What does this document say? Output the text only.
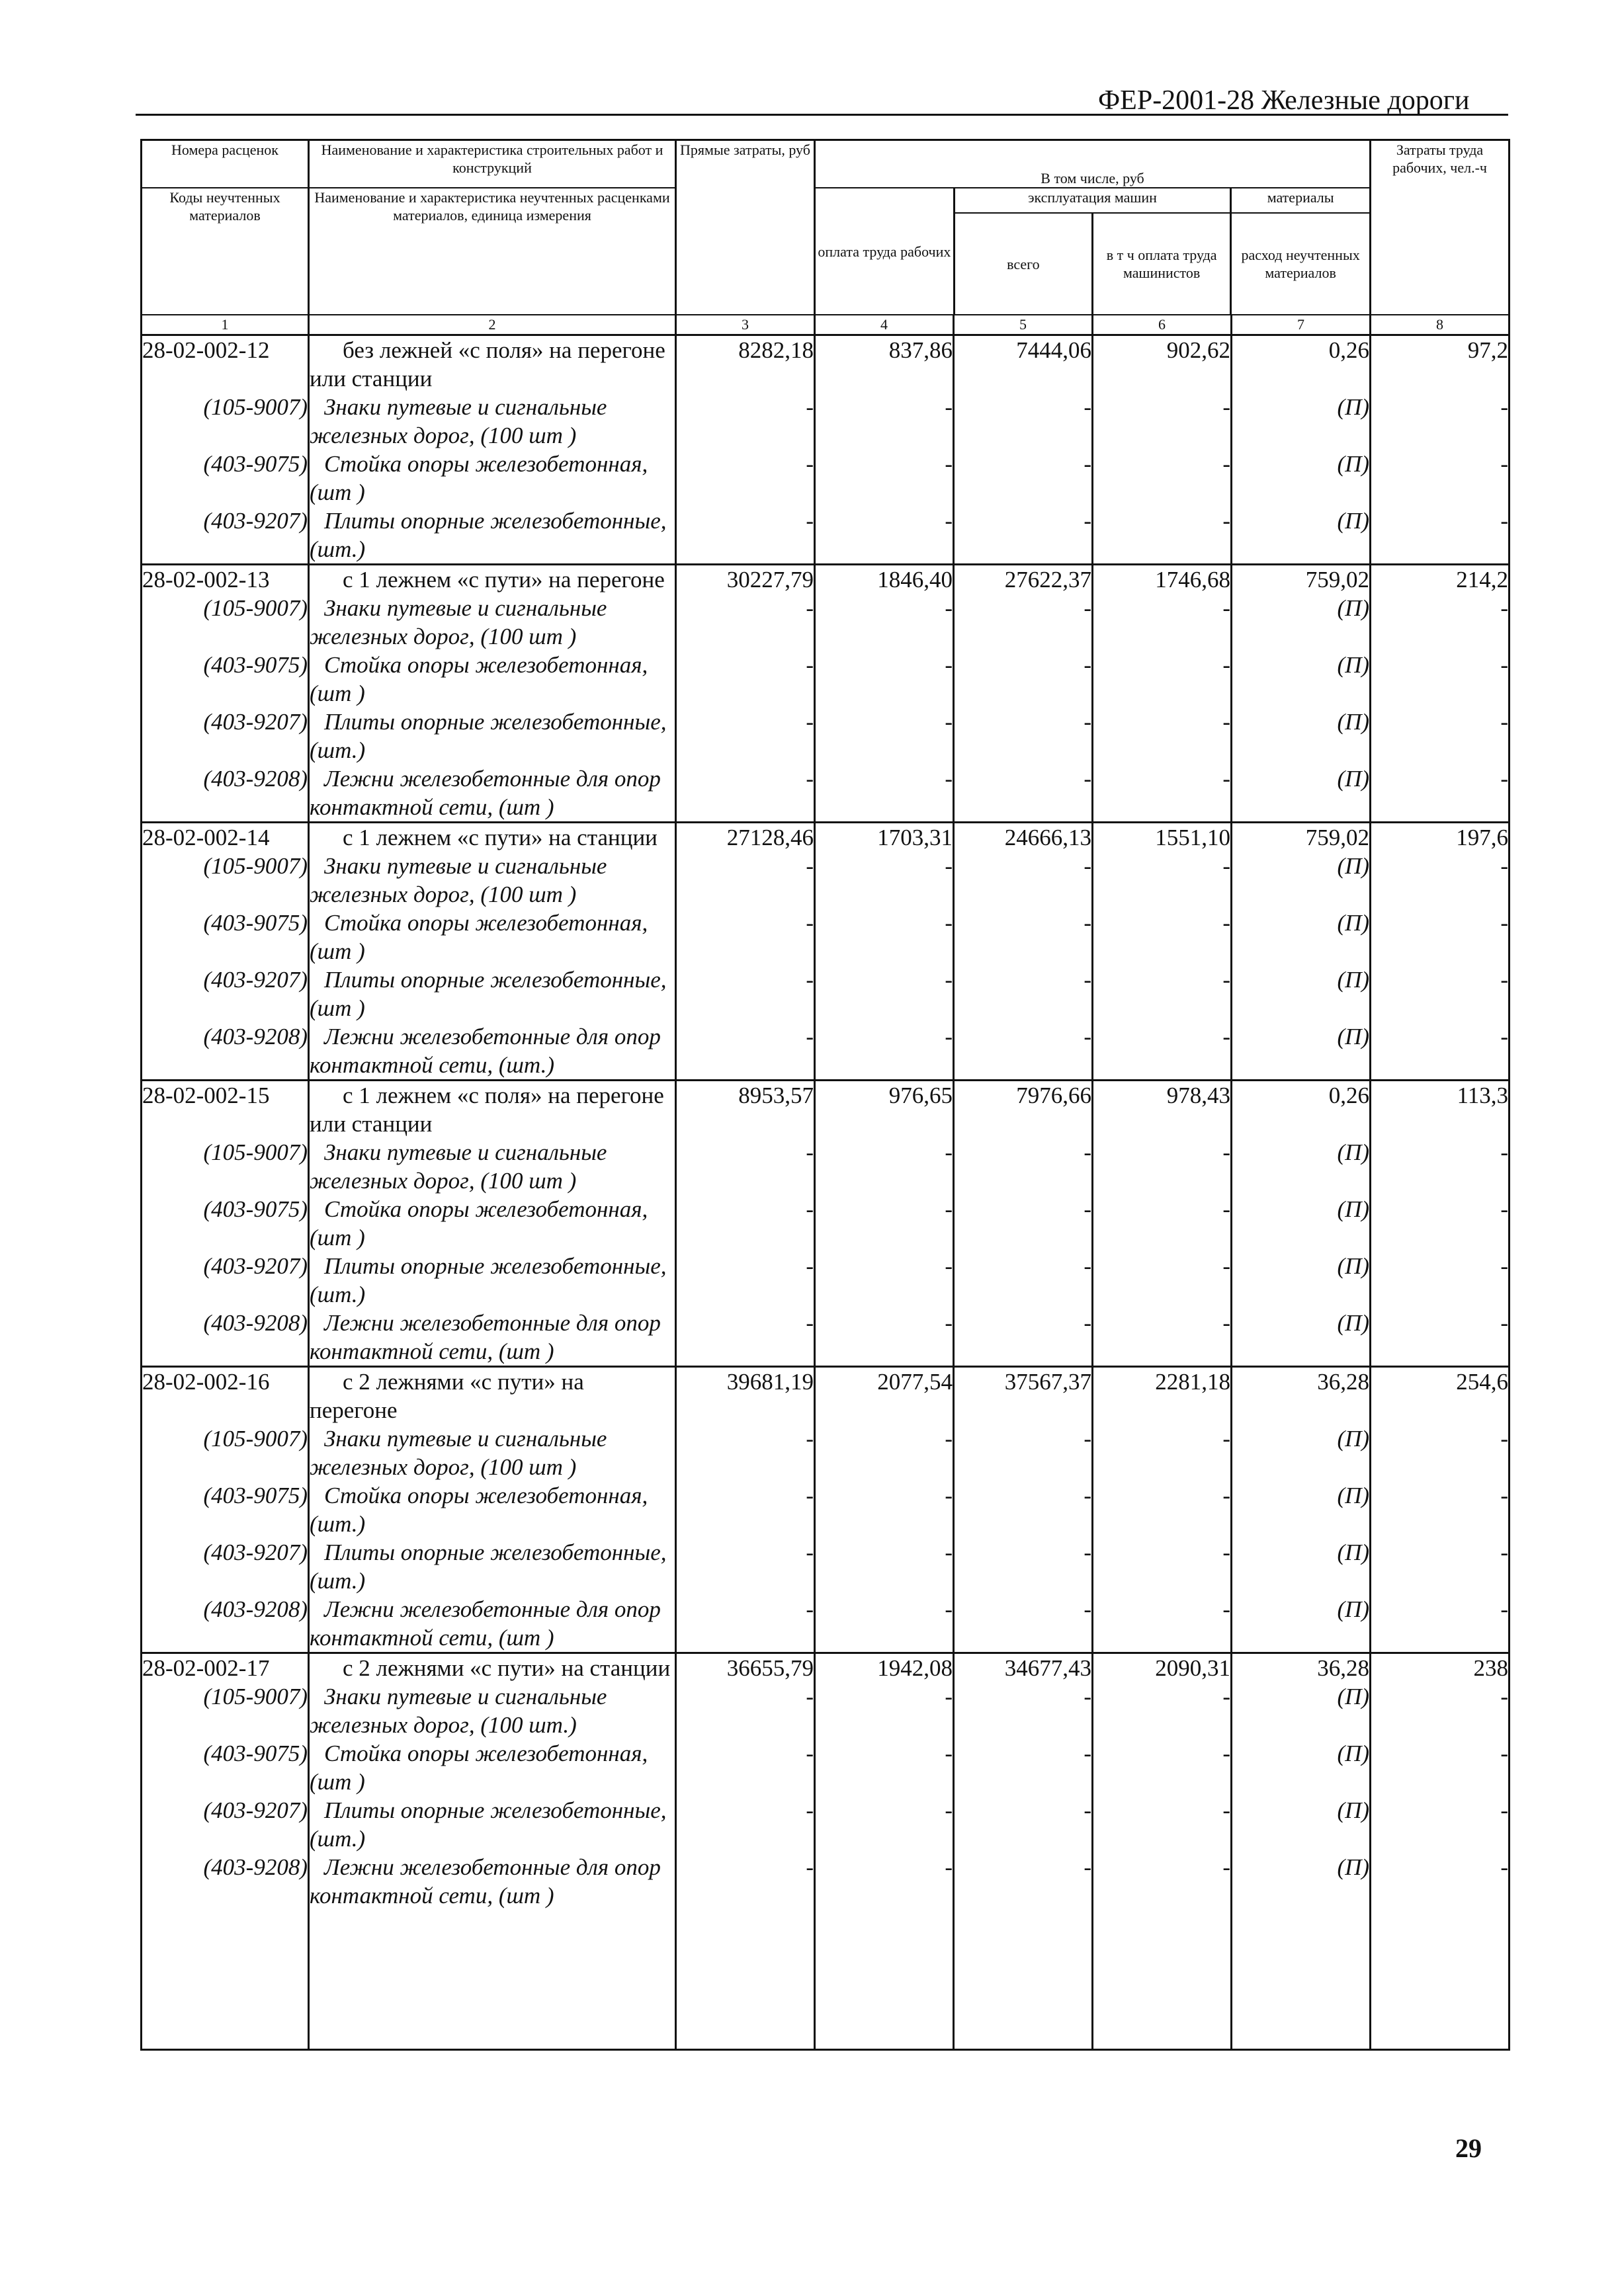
ФЕР-2001-28 Железные дороги
Номера расценок	Наименование и характеристика строительных работ и конструкций	Прямые затраты, руб	В том числе, руб	Затраты труда рабочих, чел.-ч
Коды неучтенных материалов	Наименование и характеристика неучтенных расценками материалов, единица измерения	
оплата труда рабочих	эксплуатация машин	материалы
всего	в т ч оплата труда машинистов	расход неучтенных материалов

1	2	3	4	5	6	7	8
28-02-002-12	без лежней «с поля» на перегоне или станции	8282,18	837,86	7444,06	902,62	0,26	97,2
(105-9007)	Знаки путевые и сигнальные железных дорог, (100 шт )	-	-	-	-	(П)	-
(403-9075)	Стойка опоры железобетонная, (шт )	-	-	-	-	(П)	-
(403-9207)	Плиты опорные железобетонные, (шт.)	-	-	-	-	(П)	-
28-02-002-13	с 1 лежнем «с пути» на перегоне	30227,79	1846,40	27622,37	1746,68	759,02	214,2
(105-9007)	Знаки путевые и сигнальные железных дорог, (100 шт )	-	-	-	-	(П)	-
(403-9075)	Стойка опоры железобетонная, (шт )	-	-	-	-	(П)	-
(403-9207)	Плиты опорные железобетонные, (шт.)	-	-	-	-	(П)	-
(403-9208)	Лежни железобетонные для опор контактной сети, (шт )	-	-	-	-	(П)	-
28-02-002-14	с 1 лежнем «с пути» на станции	27128,46	1703,31	24666,13	1551,10	759,02	197,6
(105-9007)	Знаки путевые и сигнальные железных дорог, (100 шт )	-	-	-	-	(П)	-
(403-9075)	Стойка опоры железобетонная, (шт )	-	-	-	-	(П)	-
(403-9207)	Плиты опорные железобетонные, (шт )	-	-	-	-	(П)	-
(403-9208)	Лежни железобетонные для опор контактной сети, (шт.)	-	-	-	-	(П)	-
28-02-002-15	с 1 лежнем «с поля» на перегоне или станции	8953,57	976,65	7976,66	978,43	0,26	113,3
(105-9007)	Знаки путевые и сигнальные железных дорог, (100 шт )	-	-	-	-	(П)	-
(403-9075)	Стойка опоры железобетонная, (шт )	-	-	-	-	(П)	-
(403-9207)	Плиты опорные железобетонные, (шт.)	-	-	-	-	(П)	-
(403-9208)	Лежни железобетонные для опор контактной сети, (шт )	-	-	-	-	(П)	-
28-02-002-16	с 2 лежнями «с пути» на перегоне	39681,19	2077,54	37567,37	2281,18	36,28	254,6
(105-9007)	Знаки путевые и сигнальные железных дорог, (100 шт )	-	-	-	-	(П)	-
(403-9075)	Стойка опоры железобетонная, (шт.)	-	-	-	-	(П)	-
(403-9207)	Плиты опорные железобетонные, (шт.)	-	-	-	-	(П)	-
(403-9208)	Лежни железобетонные для опор контактной сети, (шт )	-	-	-	-	(П)	-
28-02-002-17	с 2 лежнями «с пути» на станции	36655,79	1942,08	34677,43	2090,31	36,28	238
(105-9007)	Знаки путевые и сигнальные железных дорог, (100 шт.)	-	-	-	-	(П)	-
(403-9075)	Стойка опоры железобетонная, (шт )	-	-	-	-	(П)	-
(403-9207)	Плиты опорные железобетонные, (шт.)	-	-	-	-	(П)	-
(403-9208)	Лежни железобетонные для опор контактной сети, (шт )	-	-	-	-	(П)	-

29
